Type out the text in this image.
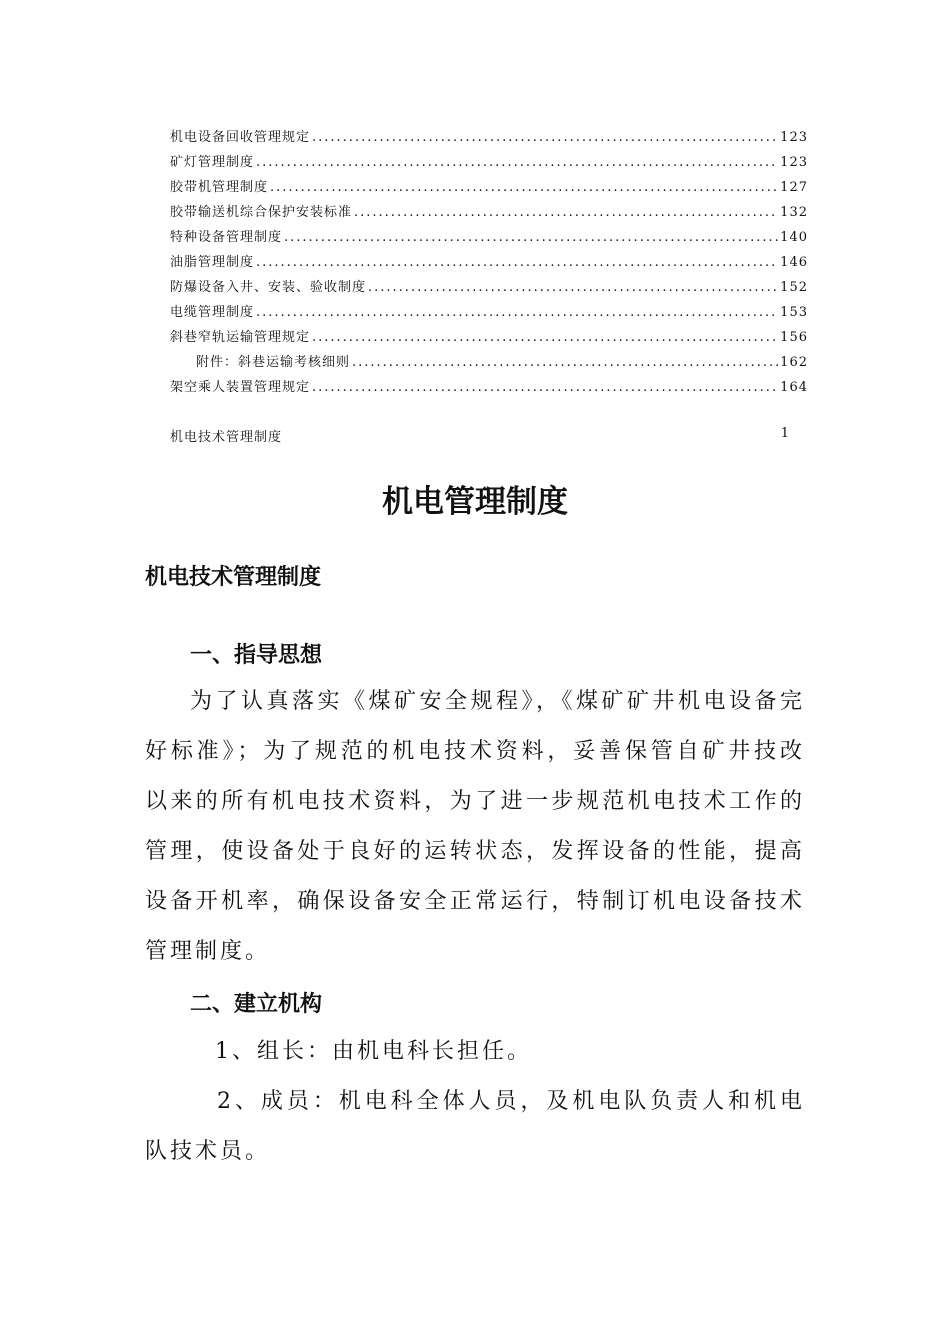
机电设备回收管理规定 .....	123
矿灯管理制度 .....	123
胶带机管理制度 .....	127
胶带输送机综合保护安装标准 .....	132
特种设备管理制度 .....	140
油脂管理制度 .....	146
防爆设备入井、安装、验收制度 .....	152
电缆管理制度 .....	153
斜巷窄轨运输管理规定 .....	156
附件：斜巷运输考核细则 .....	162
架空乘人装置管理规定 .....	164
机电技术管理制度	1
机电管理制度
机电技术管理制度
一、指导思想
为了认真落实《煤矿安全规程》，《煤矿矿井机电设备完好标准》；为了规范的机电技术资料，妥善保管自矿井技改以来的所有机电技术资料，为了进一步规范机电技术工作的管理，使设备处于良好的运转状态，发挥设备的性能，提高设备开机率，确保设备安全正常运行，特制订机电设备技术管理制度。
二、建立机构
1、组长：由机电科长担任。
2、成员：机电科全体人员，及机电队负责人和机电队技术员。
